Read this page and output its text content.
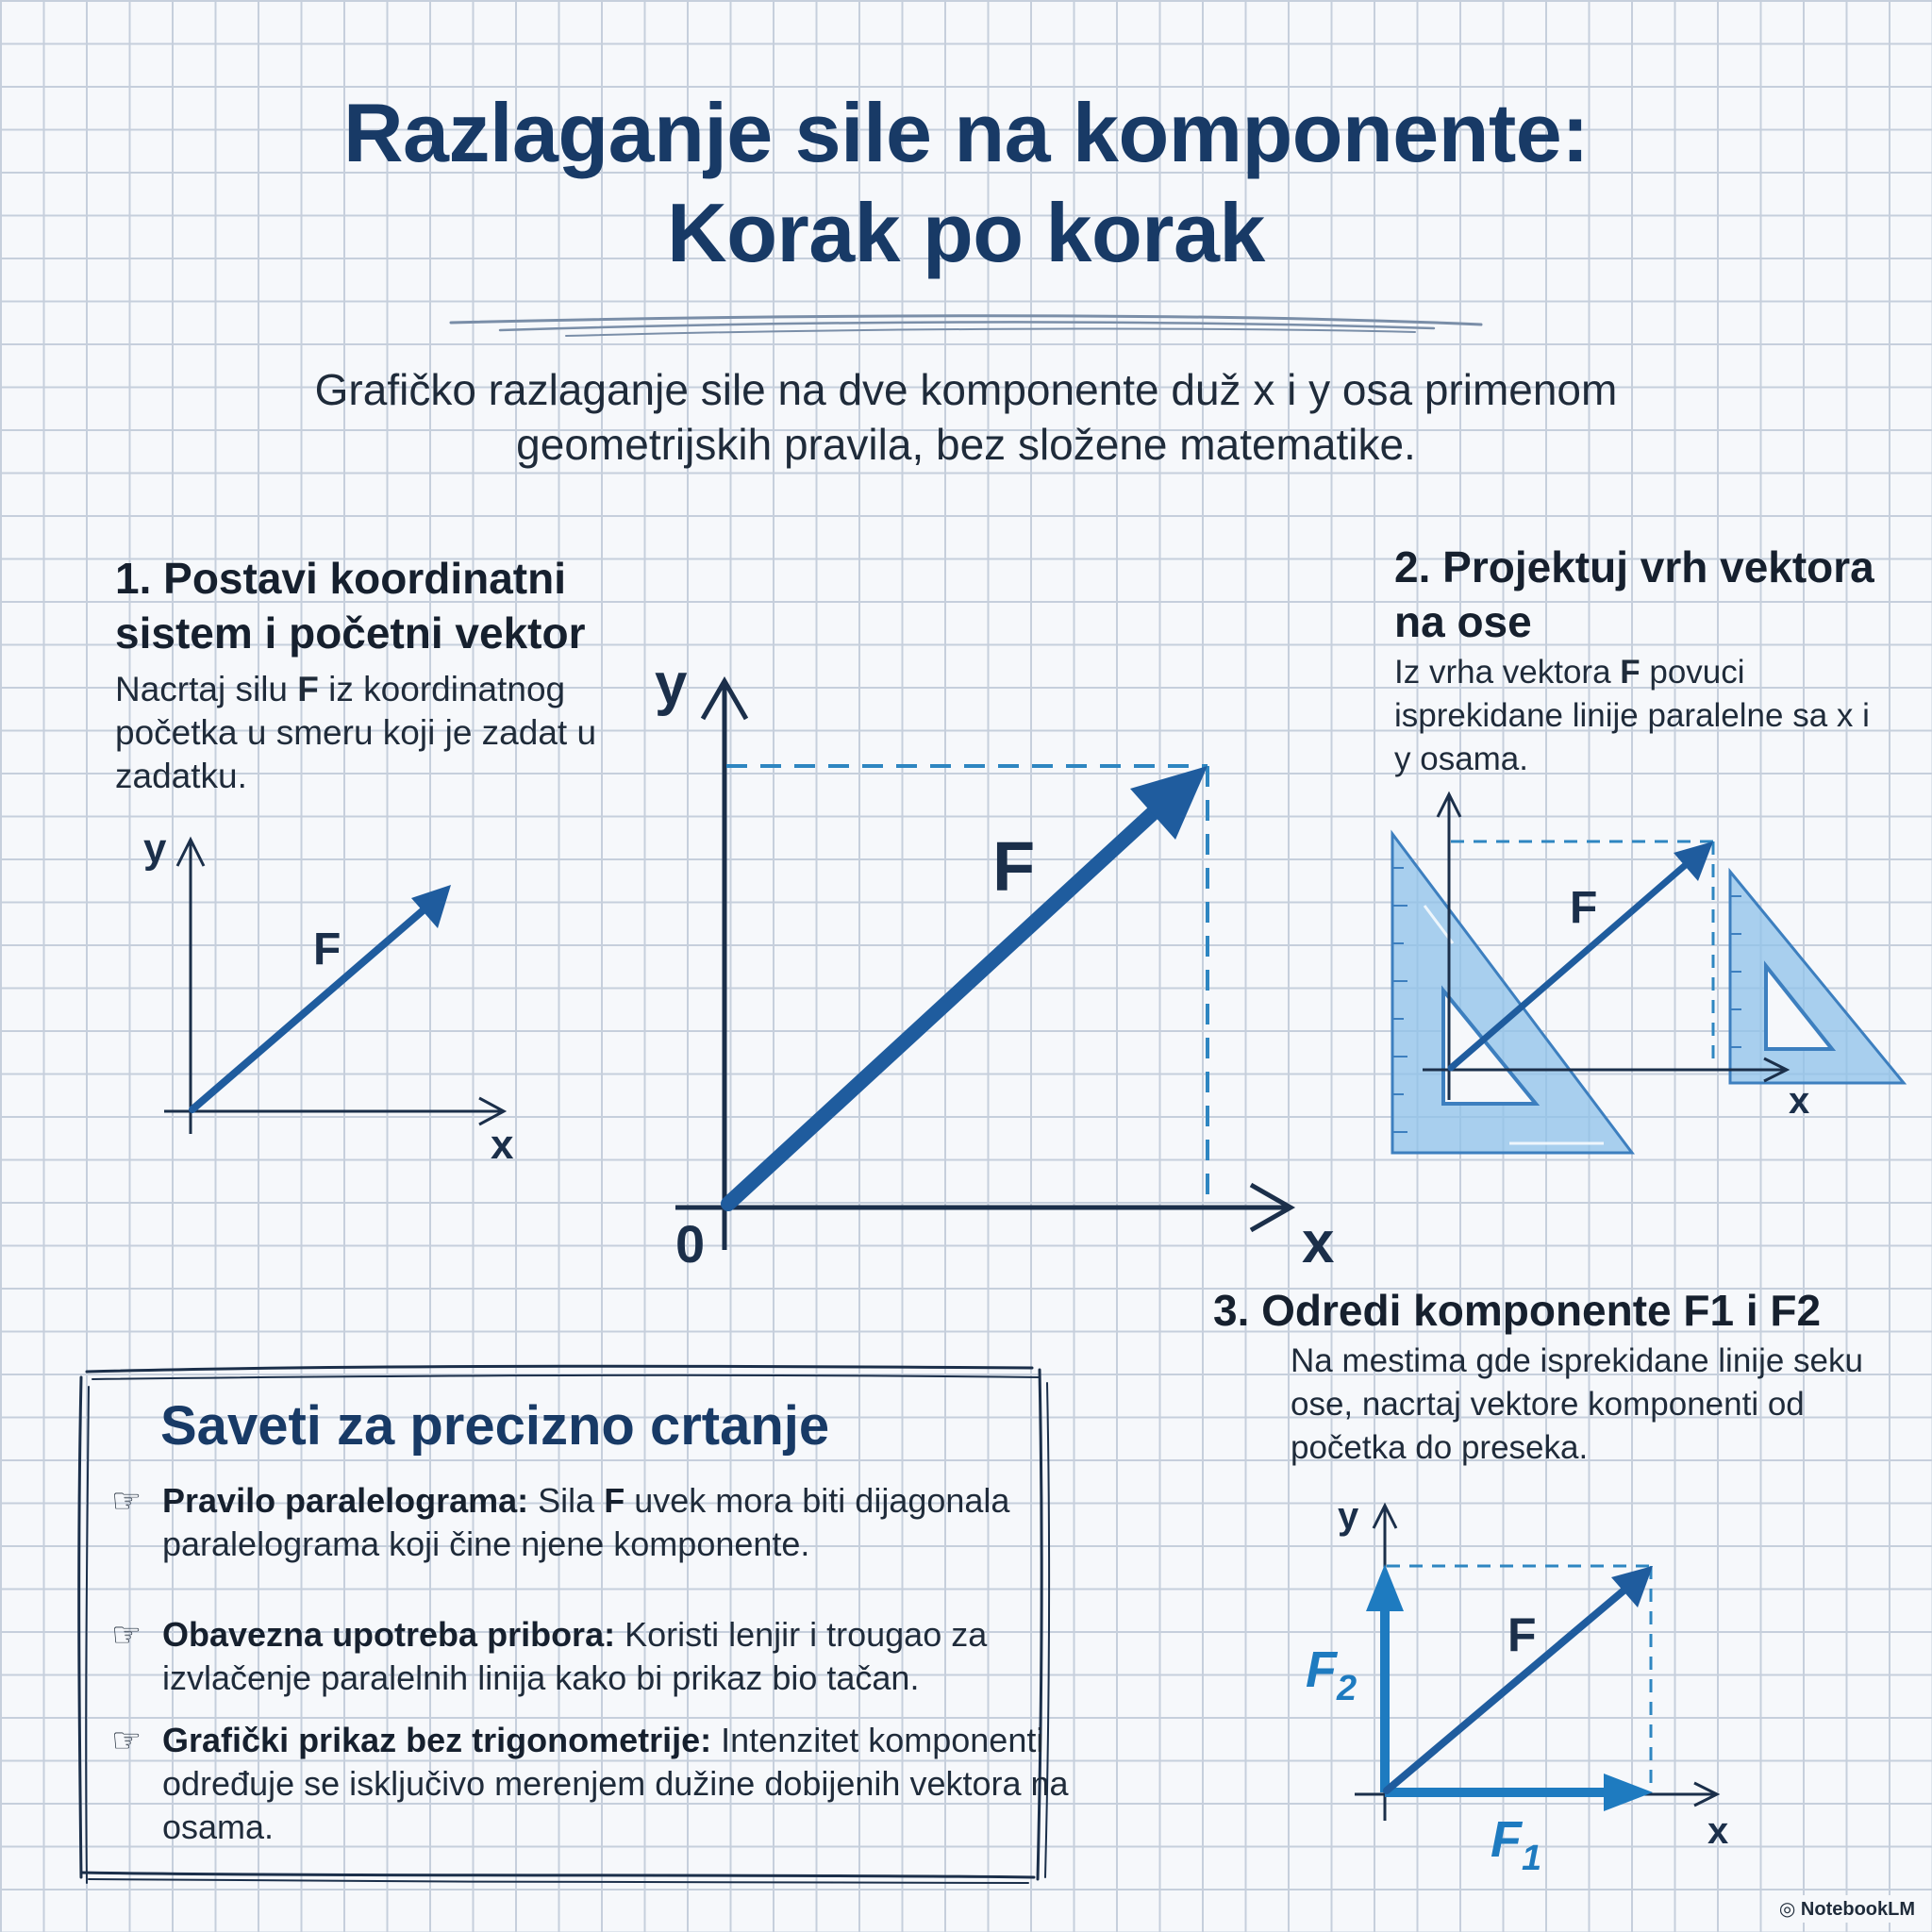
Razlaganje sile na komponente:
Korak po korak
Grafičko razlaganje sile na dve komponente duž x i y osa primenom geometrijskih pravila, bez složene matematike.
1. Postavi koordinatni sistem i početni vektor
Nacrtaj silu F iz koordinatnog početka u smeru koji je zadat u zadatku.
2. Projektuj vrh vektora na ose
Iz vrha vektora F povuci isprekidane linije paralelne sa x i y osama.
3. Odredi komponente F1 i F2
Na mestima gde isprekidane linije seku ose, nacrtaj vektore komponenti od početka do preseka.
y
x
F
y
x
0
F
x
F
y
x
F
$F_2$
$F_1$
Saveti za precizno crtanje
☞ Pravilo paralelograma: Sila F uvek mora biti dijagonala paralelograma koji čine njene komponente.
☞ Obavezna upotreba pribora: Koristi lenjir i trougao za izvlačenje paralelnih linija kako bi prikaz bio tačan.
☞ Grafički prikaz bez trigonometrije: Intenzitet komponenti određuje se isključivo merenjem dužine dobijenih vektora na osama.
◎ NotebookLM
